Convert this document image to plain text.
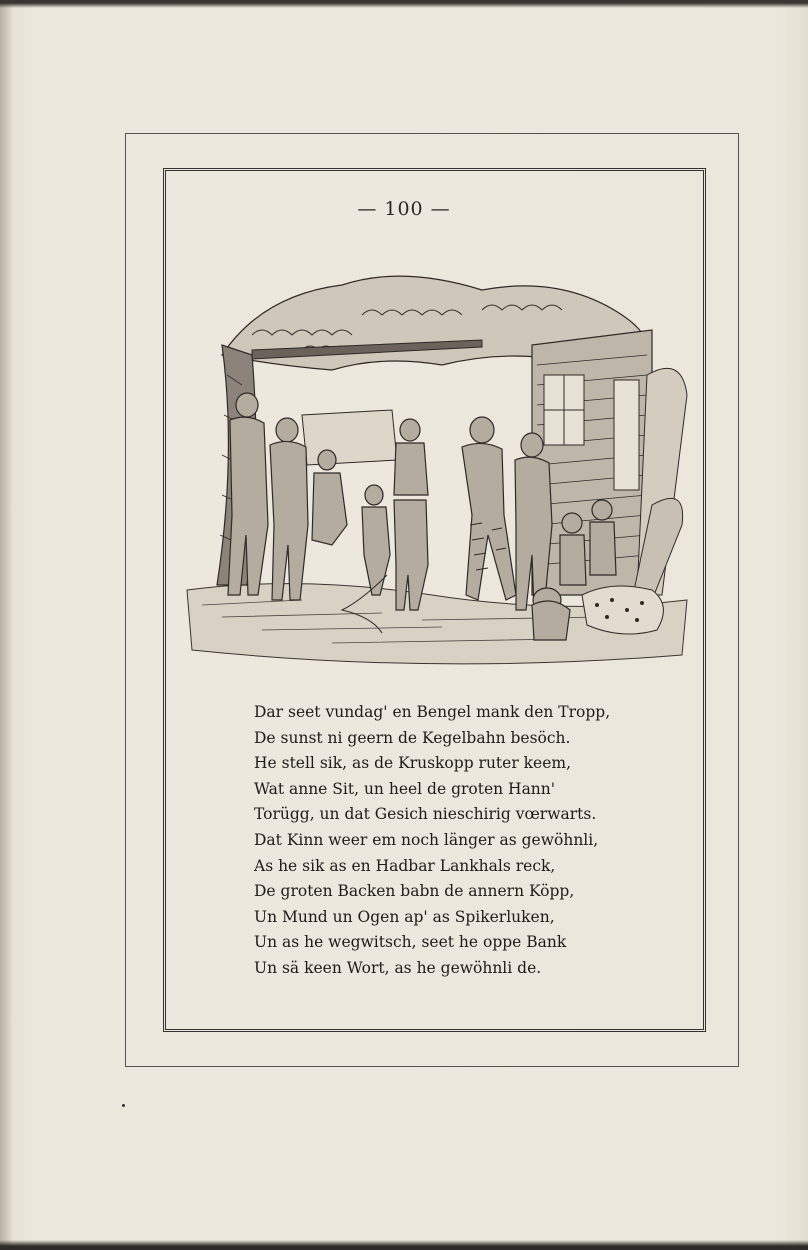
— 100 —
Dar seet vundag' en Bengel mank den Tropp,
De sunst ni geern de Kegelbahn besöch.
He stell sik, as de Kruskopp ruter keem,
Wat anne Sit, un heel de groten Hann'
Torügg, un dat Gesich nieschirig vœrwarts.
Dat Kinn weer em noch länger as gewöhnli,
As he sik as en Hadbar Lankhals reck,
De groten Backen babn de annern Köpp,
Un Mund un Ogen ap' as Spikerluken,
Un as he wegwitsch, seet he oppe Bank
Un sä keen Wort, as he gewöhnli de.
